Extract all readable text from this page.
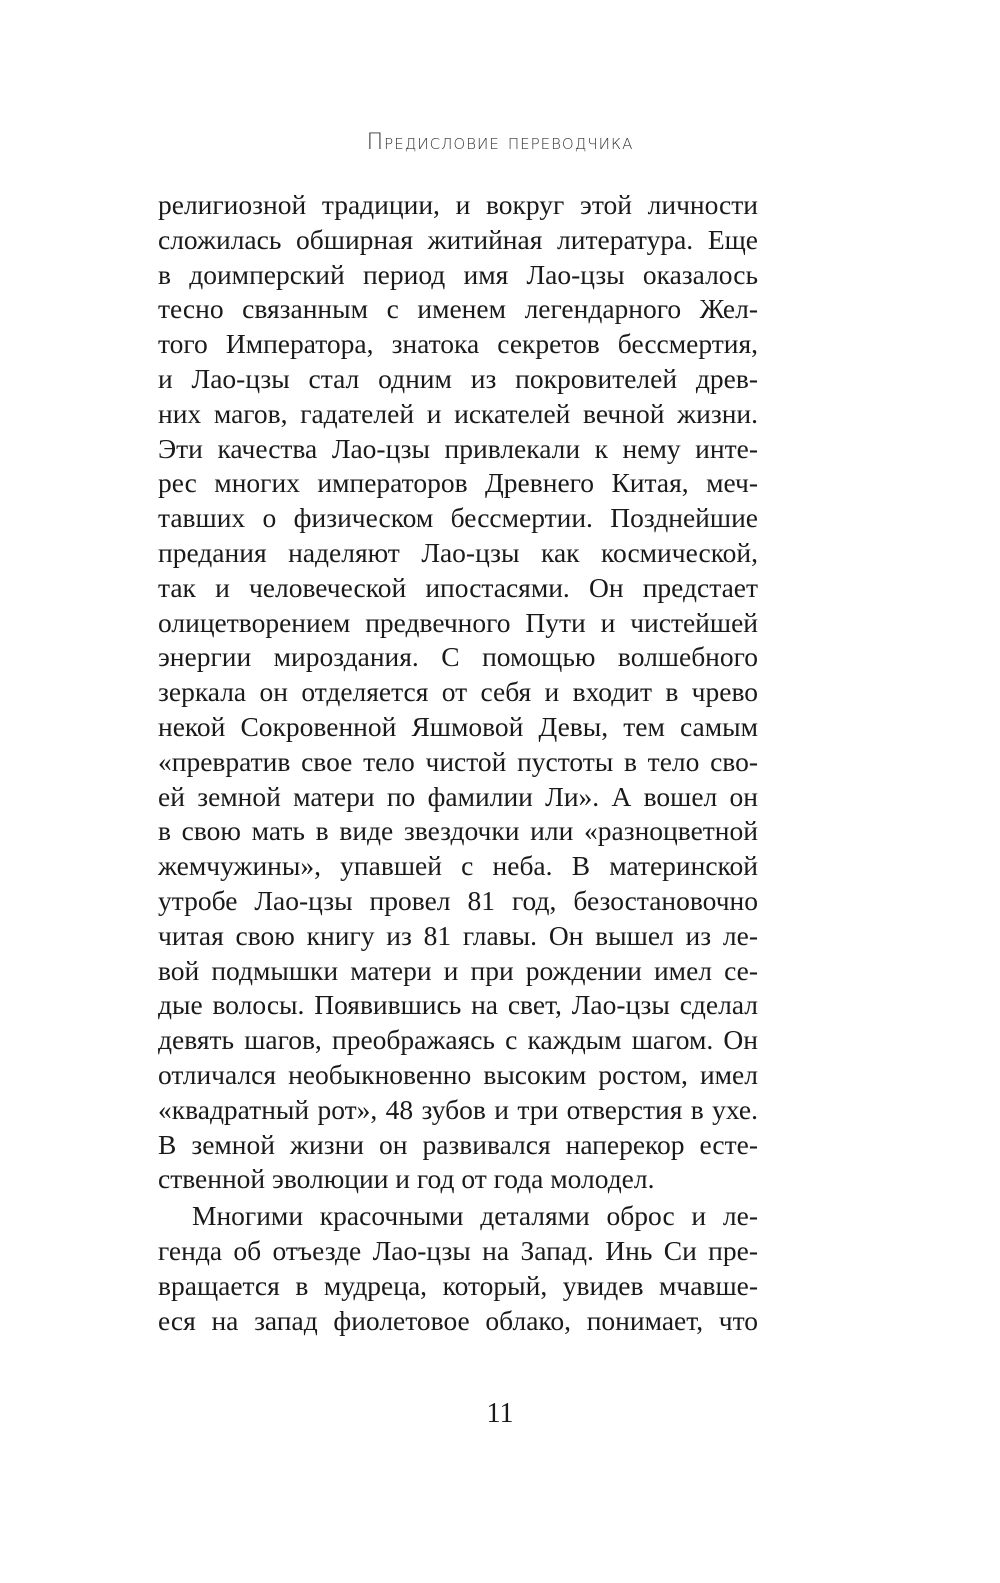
Предисловие переводчика
религиозной традиции, и вокруг этой личности
сложилась обширная житийная литература. Еще
в доимперский период имя Лао-цзы оказалось
тесно связанным с именем легендарного Жел-
того Императора, знатока секретов бессмертия,
и Лао-цзы стал одним из покровителей древ-
них магов, гадателей и искателей вечной жизни.
Эти качества Лао-цзы привлекали к нему инте-
рес многих императоров Древнего Китая, меч-
тавших о физическом бессмертии. Позднейшие
предания наделяют Лао-цзы как космической,
так и человеческой ипостасями. Он предстает
олицетворением предвечного Пути и чистейшей
энергии мироздания. С помощью волшебного
зеркала он отделяется от себя и входит в чрево
некой Сокровенной Яшмовой Девы, тем самым
«превратив свое тело чистой пустоты в тело сво-
ей земной матери по фамилии Ли». А вошел он
в свою мать в виде звездочки или «разноцветной
жемчужины», упавшей с неба. В материнской
утробе Лао-цзы провел 81 год, безостановочно
читая свою книгу из 81 главы. Он вышел из ле-
вой подмышки матери и при рождении имел се-
дые волосы. Появившись на свет, Лао-цзы сделал
девять шагов, преображаясь с каждым шагом. Он
отличался необыкновенно высоким ростом, имел
«квадратный рот», 48 зубов и три отверстия в ухе.
В земной жизни он развивался наперекор есте-
ственной эволюции и год от года молодел.
Многими красочными деталями оброс и ле-
генда об отъезде Лао-цзы на Запад. Инь Си пре-
вращается в мудреца, который, увидев мчавше-
еся на запад фиолетовое облако, понимает, что
11
